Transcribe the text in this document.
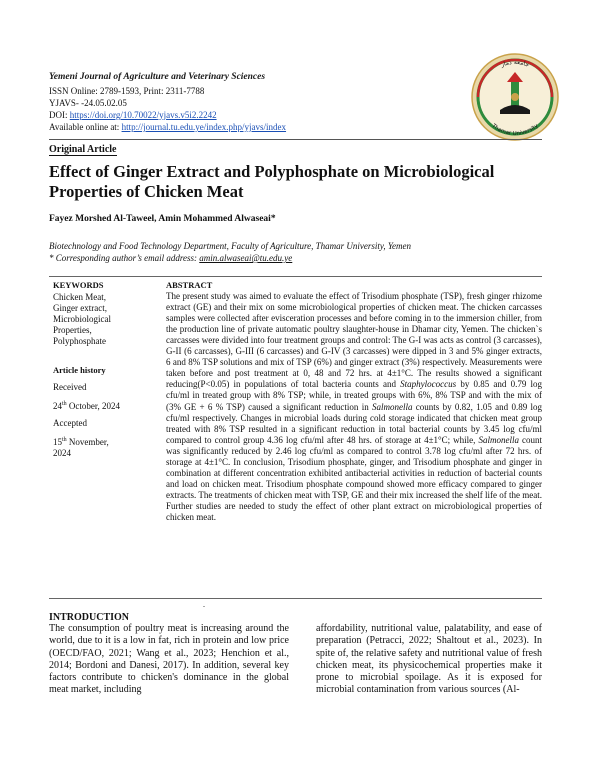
Yemeni Journal of Agriculture and Veterinary Sciences
ISSN Online: 2789-1593, Print: 2311-7788
YJAVS- -24.05.02.05
DOI: https://doi.org/10.70022/yjavs.v5i2.2242
Available online at: http://journal.tu.edu.ye/index.php/yjavs/index
جامعة ذمار
Thamar University
Original Article
Effect of Ginger Extract and Polyphosphate on Microbiological
Properties of Chicken Meat
Fayez Morshed Al-Taweel, Amin Mohammed Alwaseai*
Biotechnology and Food Technology Department, Faculty of Agriculture, Thamar University, Yemen
* Corresponding author’s email address: amin.alwaseai@tu.edu.ye
KEYWORDS
Chicken Meat,
Ginger extract,
Microbiological
Properties,
Polyphosphate
Article history
Received
24th October, 2024
Accepted
15th November,
2024
ABSTRACT

The present study was aimed to evaluate the effect of Trisodium phosphate (TSP), fresh ginger rhizome extract (GE) and their mix on some microbiological properties of chicken meat. The chicken carcasses samples were collected after evisceration processes and before coming in to the immersion chiller, from the production line of private automatic poultry slaughter-house in Dhamar city, Yemen. The chicken`s carcasses were divided into four treatment groups and control: The G-I was acts as control (3 carcasses), G-II (6 carcasses), G-III (6 carcasses) and G-IV (3 carcasses) were dipped in 3 and 5% ginger extracts, 6 and 8% TSP solutions and mix of TSP (6%) and ginger extract (3%) respectively. Measurements were taken before and post treatment at 0, 48 and 72 hrs. at 4±1°C. The results showed a significant reducing(P<0.05) in populations of total bacteria counts and Staphylococcus by 0.85 and 0.79 log cfu/ml in treated group with 8% TSP; while, in treated groups with 6%, 8% TSP and with the mix of (3% GE + 6 % TSP) caused a significant reduction in Salmonella counts by 0.82, 1.05 and 0.89 log cfu/ml respectively. Changes in microbial loads during cold storage indicated that chicken meat group treated with 8% TSP resulted in a significant reduction in total bacterial counts by 3.45 log cfu/ml compared to control group 4.36 log cfu/ml after 48 hrs. of storage at 4±1°C; while, Salmonella count was significantly reduced by 2.46 log cfu/ml as compared to control 3.78 log cfu/ml after 72 hrs. of storage at 4±1°C. In conclusion, Trisodium phosphate, ginger, and Trisodium phosphate and ginger in combination at different concentration exhibited antibacterial activities in reduction of bacterial counts and load on chicken meat. Trisodium phosphate compound showed more efficacy compared to ginger extracts. The treatments of chicken meat with TSP, GE and their mix increased the shelf life of the meat. Further studies are needed to study the effect of other plant extract on microbiological properties of chicken meat.

.
INTRODUCTION

The consumption of poultry meat is increasing around the world, due to it is a low in fat, rich in protein and low price (OECD/FAO, 2021; Wang et al., 2023; Henchion et al., 2014; Bordoni and Danesi, 2017). In addition, several key factors contribute to chicken's dominance in the global meat market, including

affordability, nutritional value, palatability, and ease of preparation (Petracci, 2022; Shaltout et al., 2023). In spite of, the relative safety and nutritional value of fresh chicken meat, its physicochemical properties make it prone to microbial spoilage. As it is exposed for microbial contamination from various sources (Al-
